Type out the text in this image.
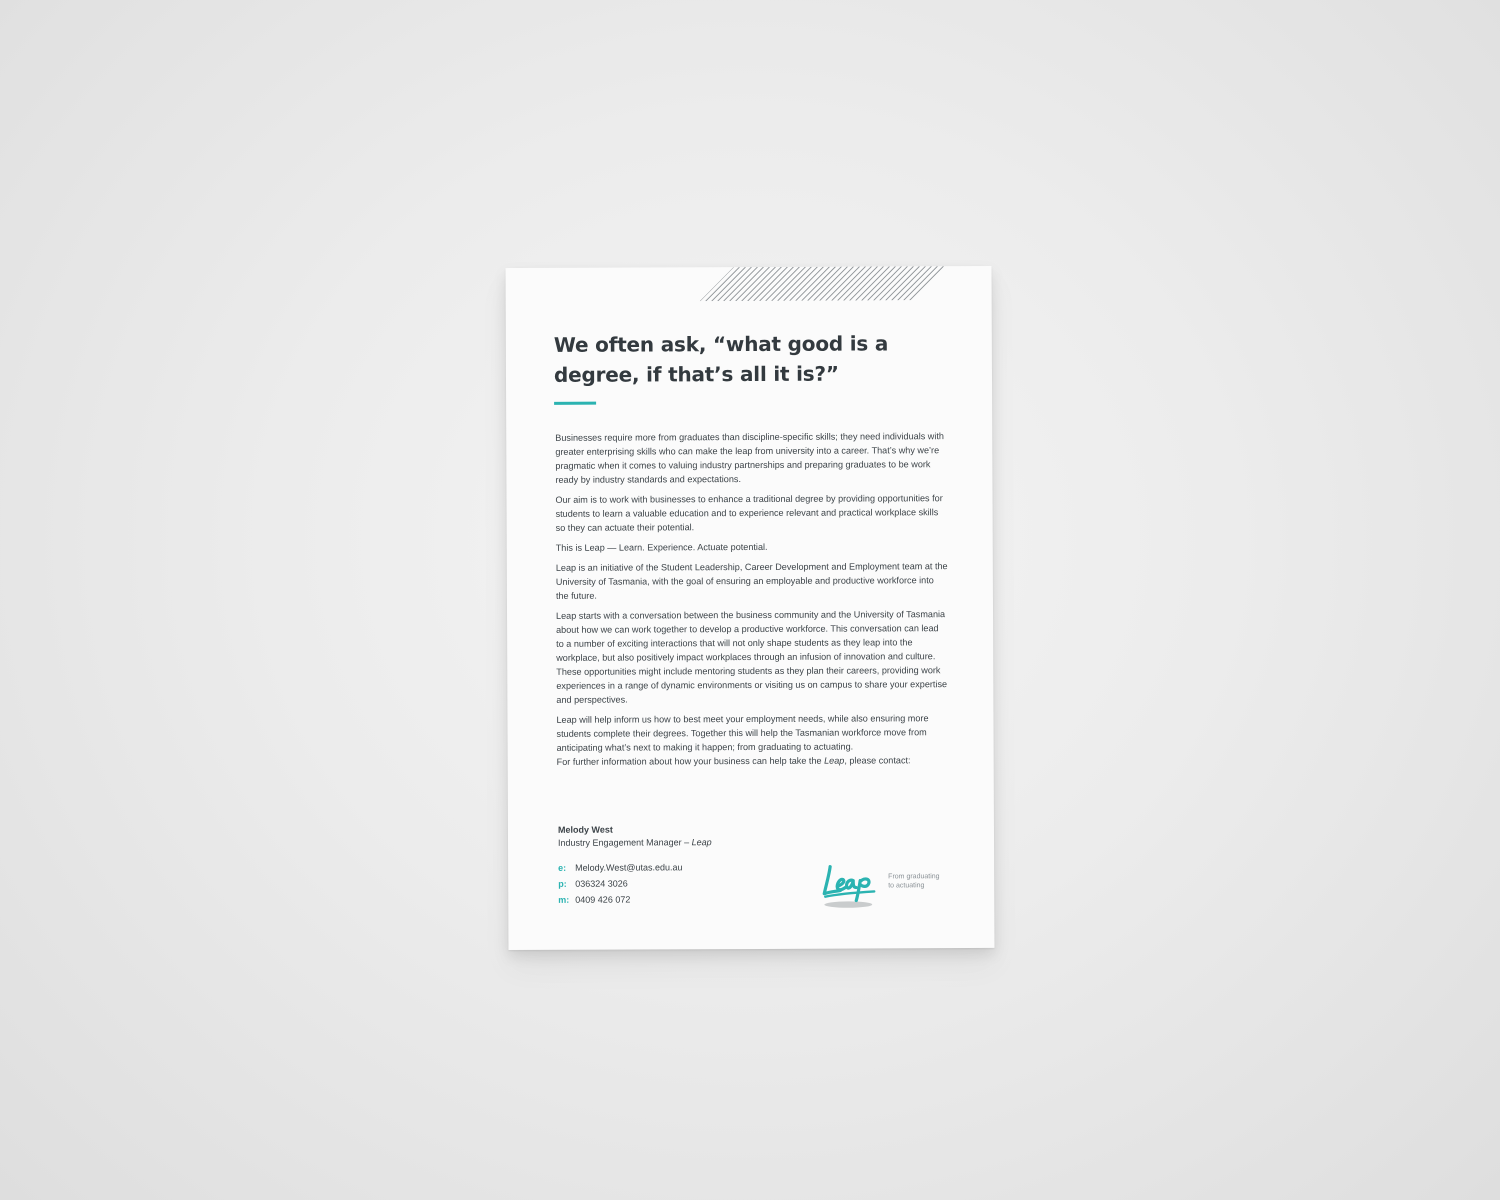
We often ask, “what good is a
degree, if that’s all it is?”

Businesses require more from graduates than discipline-specific skills; they need individuals with greater enterprising skills who can make the leap from university into a career. That’s why we’re pragmatic when it comes to valuing industry partnerships and preparing graduates to be work ready by industry standards and expectations.

Our aim is to work with businesses to enhance a traditional degree by providing opportunities for students to learn a valuable education and to experience relevant and practical workplace skills so they can actuate their potential.

This is Leap — Learn. Experience. Actuate potential.

Leap is an initiative of the Student Leadership, Career Development and Employment team at the University of Tasmania, with the goal of ensuring an employable and productive workforce into the future.

Leap starts with a conversation between the business community and the University of Tasmania about how we can work together to develop a productive workforce. This conversation can lead to a number of exciting interactions that will not only shape students as they leap into the workplace, but also positively impact workplaces through an infusion of innovation and culture. These opportunities might include mentoring students as they plan their careers, providing work experiences in a range of dynamic environments or visiting us on campus to share your expertise and perspectives.

Leap will help inform us how to best meet your employment needs, while also ensuring more students complete their degrees. Together this will help the Tasmanian workforce move from anticipating what’s next to making it happen; from graduating to actuating.

For further information about how your business can help take the Leap, please contact:

Melody West
Industry Engagement Manager – Leap
e: Melody.West@utas.edu.au
p: 036324 3026
m: 0409 426 072
From graduating
to actuating
